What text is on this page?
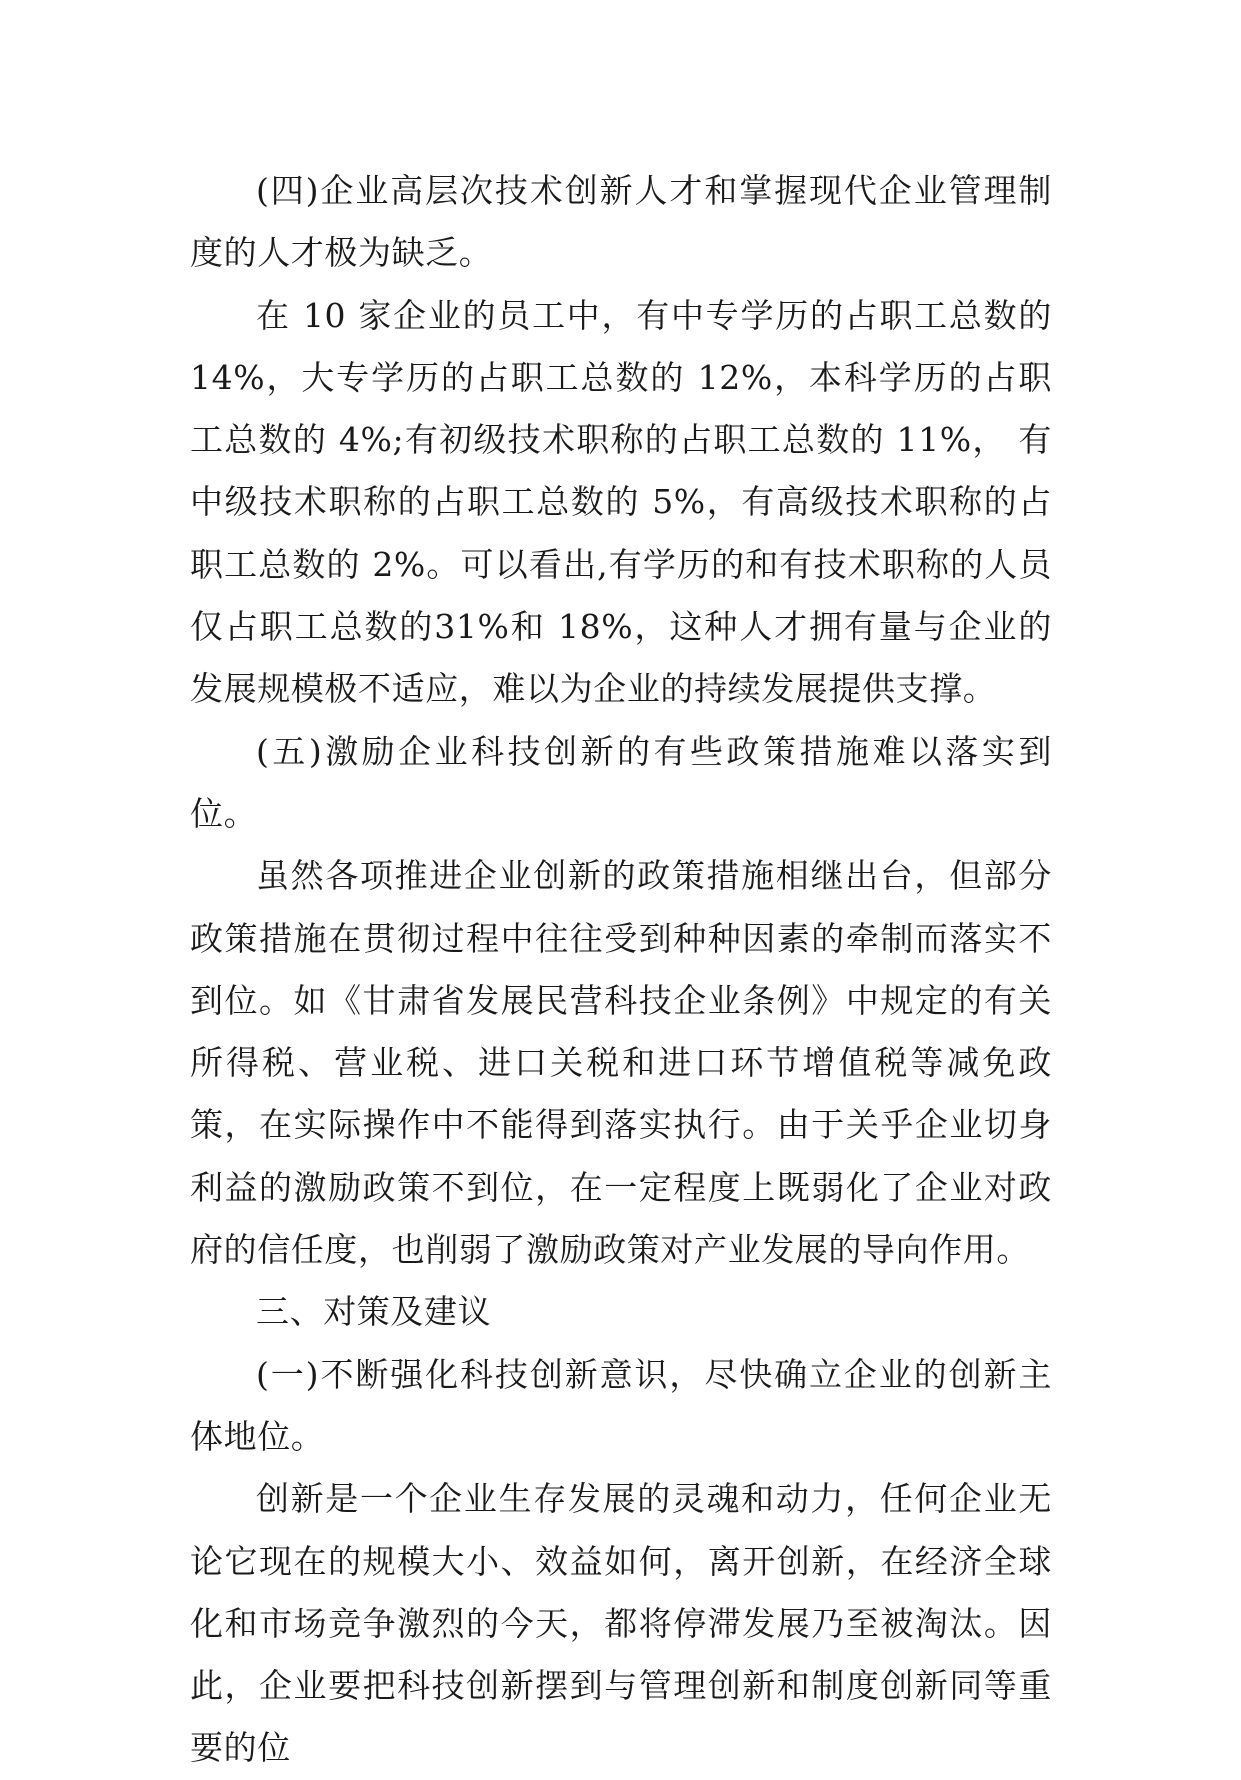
(四)企业高层次技术创新人才和掌握现代企业管理制度的人才极为缺乏。

在 10 家企业的员工中，有中专学历的占职工总数的 14%，大专学历的占职工总数的 12%，本科学历的占职工总数的 4%;有初级技术职称的占职工总数的 11%， 有中级技术职称的占职工总数的 5%，有高级技术职称的占职工总数的 2%。可以看出,有学历的和有技术职称的人员仅占职工总数的31%和 18%，这种人才拥有量与企业的发展规模极不适应，难以为企业的持续发展提供支撑。

(五)激励企业科技创新的有些政策措施难以落实到位。

虽然各项推进企业创新的政策措施相继出台，但部分政策措施在贯彻过程中往往受到种种因素的牵制而落实不到位。如《甘肃省发展民营科技企业条例》中规定的有关所得税、营业税、进口关税和进口环节增值税等减免政策，在实际操作中不能得到落实执行。由于关乎企业切身利益的激励政策不到位，在一定程度上既弱化了企业对政府的信任度，也削弱了激励政策对产业发展的导向作用。

三、对策及建议

(一)不断强化科技创新意识，尽快确立企业的创新主体地位。

创新是一个企业生存发展的灵魂和动力，任何企业无论它现在的规模大小、效益如何，离开创新，在经济全球化和市场竞争激烈的今天，都将停滞发展乃至被淘汰。因此，企业要把科技创新摆到与管理创新和制度创新同等重要的位
